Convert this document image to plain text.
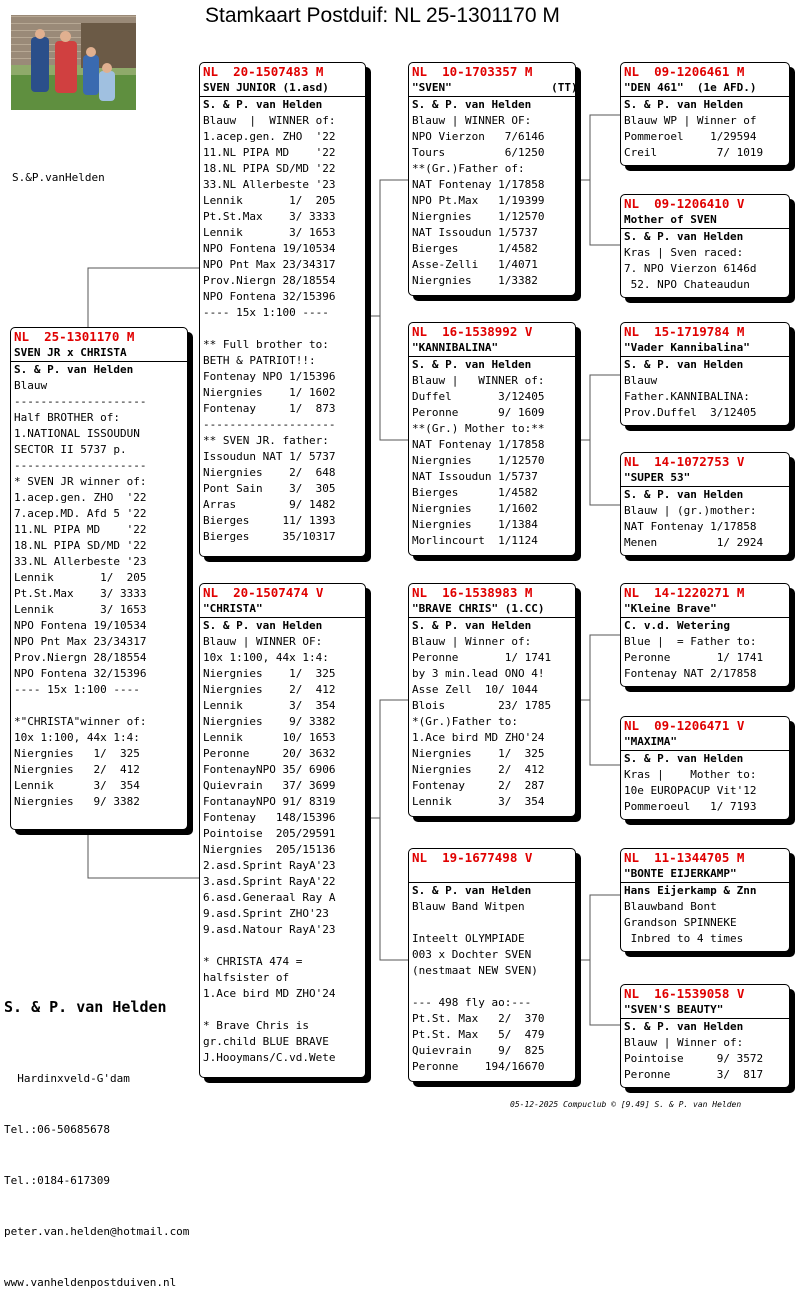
Stamkaart Postduif: NL 25-1301170 M
S.&P.vanHelden
NL  25-1301170 M
SVEN JR x CHRISTA
S. & P. van Helden
Blauw
--------------------
Half BROTHER of:
1.NATIONAL ISSOUDUN
SECTOR II 5737 p.
--------------------
* SVEN JR winner of:
1.acep.gen. ZHO  '22
7.acep.MD. Afd 5 '22
11.NL PIPA MD    '22
18.NL PIPA SD/MD '22
33.NL Allerbeste '23
Lennik       1/  205
Pt.St.Max    3/ 3333
Lennik       3/ 1653
NPO Fontena 19/10534
NPO Pnt Max 23/34317
Prov.Niergn 28/18554
NPO Fontena 32/15396
---- 15x 1:100 ----

*"CHRISTA"winner of:
10x 1:100, 44x 1:4:
Niergnies   1/  325
Niergnies   2/  412
Lennik      3/  354
Niergnies   9/ 3382
NL  20-1507483 M
SVEN JUNIOR (1.asd)
S. & P. van Helden
Blauw  |  WINNER of:
1.acep.gen. ZHO  '22
11.NL PIPA MD    '22
18.NL PIPA SD/MD '22
33.NL Allerbeste '23
Lennik       1/  205
Pt.St.Max    3/ 3333
Lennik       3/ 1653
NPO Fontena 19/10534
NPO Pnt Max 23/34317
Prov.Niergn 28/18554
NPO Fontena 32/15396
---- 15x 1:100 ----

** Full brother to:
BETH & PATRIOT!!:
Fontenay NPO 1/15396
Niergnies    1/ 1602
Fontenay     1/  873
--------------------
** SVEN JR. father:
Issoudun NAT 1/ 5737
Niergnies    2/  648
Pont Sain    3/  305
Arras        9/ 1482
Bierges     11/ 1393
Bierges     35/10317
NL  20-1507474 V
"CHRISTA"
S. & P. van Helden
Blauw | WINNER OF:
10x 1:100, 44x 1:4:
Niergnies    1/  325
Niergnies    2/  412
Lennik       3/  354
Niergnies    9/ 3382
Lennik      10/ 1653
Peronne     20/ 3632
FontenayNPO 35/ 6906
Quievrain   37/ 3699
FontanayNPO 91/ 8319
Fontenay   148/15396
Pointoise  205/29591
Niergnies  205/15136
2.asd.Sprint RayA'23
3.asd.Sprint RayA'22
6.asd.Generaal Ray A
9.asd.Sprint ZHO'23
9.asd.Natour RayA'23

* CHRISTA 474 =
halfsister of
1.Ace bird MD ZHO'24

* Brave Chris is
gr.child BLUE BRAVE
J.Hooymans/C.vd.Wete
NL  10-1703357 M
"SVEN"               (TT)
S. & P. van Helden
Blauw | WINNER OF:
NPO Vierzon   7/6146
Tours         6/1250
**(Gr.)Father of:
NAT Fontenay 1/17858
NPO Pt.Max   1/19399
Niergnies    1/12570
NAT Issoudun 1/5737
Bierges      1/4582
Asse-Zelli   1/4071
Niergnies    1/3382
NL  16-1538992 V
"KANNIBALINA"
S. & P. van Helden
Blauw |   WINNER of:
Duffel       3/12405
Peronne      9/ 1609
**(Gr.) Mother to:**
NAT Fontenay 1/17858
Niergnies    1/12570
NAT Issoudun 1/5737
Bierges      1/4582
Niergnies    1/1602
Niergnies    1/1384
Morlincourt  1/1124
NL  16-1538983 M
"BRAVE CHRIS" (1.CC)
S. & P. van Helden
Blauw | Winner of:
Peronne       1/ 1741
by 3 min.lead ONO 4!
Asse Zell  10/ 1044
Blois        23/ 1785
*(Gr.)Father to:
1.Ace bird MD ZHO'24
Niergnies    1/  325
Niergnies    2/  412
Fontenay     2/  287
Lennik       3/  354
NL  19-1677498 V

S. & P. van Helden
Blauw Band Witpen

Inteelt OLYMPIADE
003 x Dochter SVEN
(nestmaat NEW SVEN)

--- 498 fly ao:---
Pt.St. Max   2/  370
Pt.St. Max   5/  479
Quievrain    9/  825
Peronne    194/16670
NL  09-1206461 M
"DEN 461"  (1e AFD.)
S. & P. van Helden
Blauw WP | Winner of
Pommeroel    1/29594
Creil         7/ 1019
NL  09-1206410 V
Mother of SVEN
S. & P. van Helden
Kras | Sven raced:
7. NPO Vierzon 6146d
52. NPO Chateaudun
NL  15-1719784 M
"Vader Kannibalina"
S. & P. van Helden
Blauw
Father.KANNIBALINA:
Prov.Duffel  3/12405
NL  14-1072753 V
"SUPER 53"
S. & P. van Helden
Blauw | (gr.)mother:
NAT Fontenay 1/17858
Menen         1/ 2924
NL  14-1220271 M
"Kleine Brave"
C. v.d. Wetering
Blue |  = Father to:
Peronne       1/ 1741
Fontenay NAT 2/17858
NL  09-1206471 V
"MAXIMA"
S. & P. van Helden
Kras |    Mother to:
10e EUROPACUP Vit'12
Pommeroeul   1/ 7193
NL  11-1344705 M
"BONTE EIJERKAMP"
Hans Eijerkamp & Znn
Blauwband Bont
Grandson SPINNEKE
Inbred to 4 times
NL  16-1539058 V
"SVEN'S BEAUTY"
S. & P. van Helden
Blauw | Winner of:
Pointoise     9/ 3572
Peronne       3/  817
S. & P. van Helden

Hardinxveld-G'dam

Tel.:06-50685678

Tel.:0184-617309

peter.van.helden@hotmail.com

www.vanheldenpostduiven.nl

05-12-2025 Compuclub © [9.49] S. & P. van Helden
